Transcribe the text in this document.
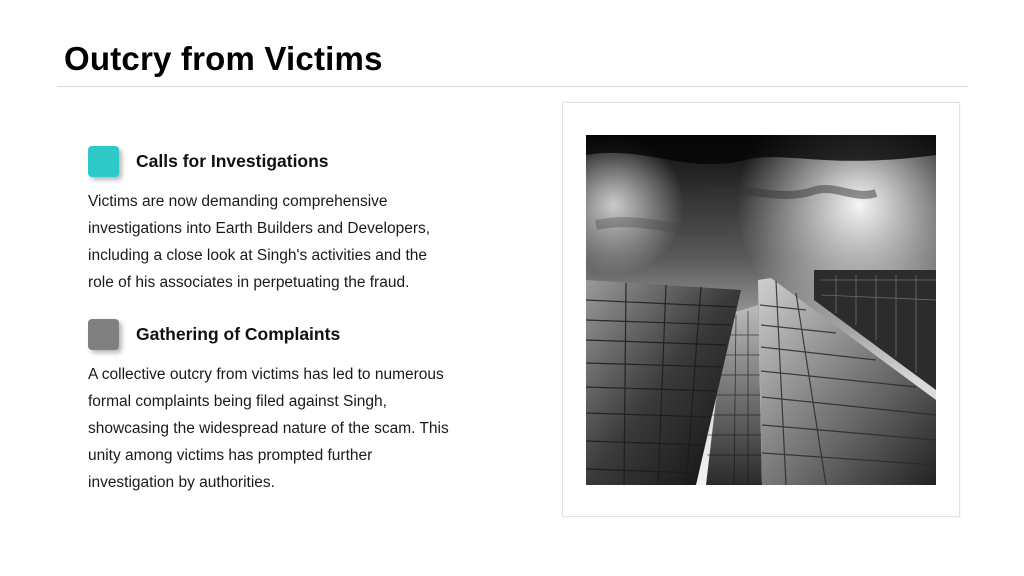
Outcry from Victims
Calls for Investigations
Victims are now demanding comprehensive investigations into Earth Builders and Developers, including a close look at Singh's activities and the role of his associates in perpetuating the fraud.
Gathering of Complaints
A collective outcry from victims has led to numerous formal complaints being filed against Singh, showcasing the widespread nature of the scam. This unity among victims has prompted further investigation by authorities.
